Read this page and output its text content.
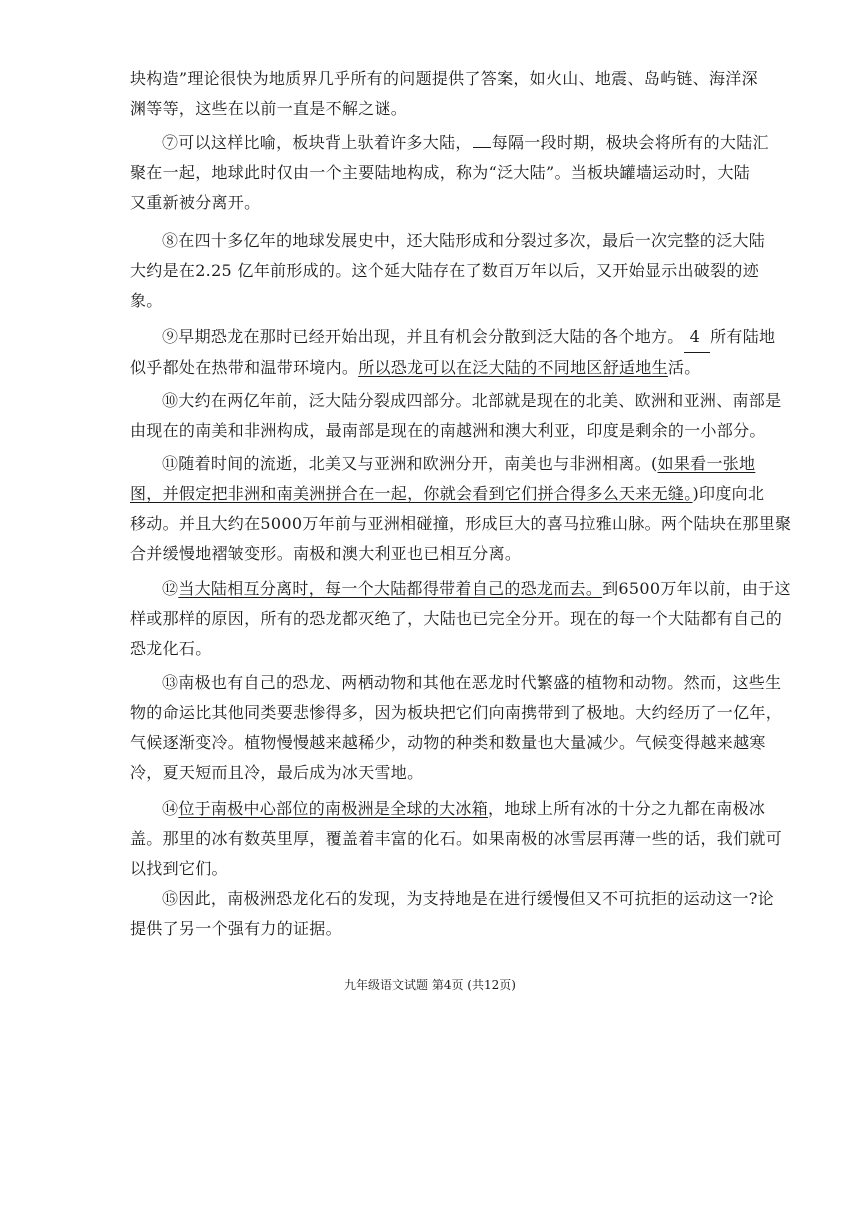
块构造”理论很快为地质界几乎所有的问题提供了答案，如火山、地震、岛屿链、海洋深
渊等等，这些在以前一直是不解之谜。
⑦可以这样比喻，板块背上驮着许多大陆， 每隔一段时期，极块会将所有的大陆汇
聚在一起，地球此时仅由一个主要陆地构成，称为“泛大陆”。当板块罐墙运动时，大陆
又重新被分离开。
⑧在四十多亿年的地球发展史中，还大陆形成和分裂过多次，最后一次完整的泛大陆
大约是在2.25 亿年前形成的。这个延大陆存在了数百万年以后，又开始显示出破裂的迹
象。
⑨早期恐龙在那时已经开始出现，并且有机会分散到泛大陆的各个地方。 4 所有陆地
似乎都处在热带和温带环境内。所以恐龙可以在泛大陆的不同地区舒适地生活。
⑩大约在两亿年前，泛大陆分裂成四部分。北部就是现在的北美、欧洲和亚洲、南部是
由现在的南美和非洲构成，最南部是现在的南越洲和澳大利亚，印度是剩余的一小部分。
⑪随着时间的流逝，北美又与亚洲和欧洲分开，南美也与非洲相离。(如果看一张地
图，并假定把非洲和南美洲拼合在一起，你就会看到它们拼合得多么天来无缝。)印度向北
移动。并且大约在5000万年前与亚洲相碰撞，形成巨大的喜马拉雅山脉。两个陆块在那里聚
合并缓慢地褶皱变形。南极和澳大利亚也已相互分离。
⑫当大陆相互分离时，每一个大陆都得带着自己的恐龙而去。到6500万年以前，由于这
样或那样的原因，所有的恐龙都灭绝了，大陆也已完全分开。现在的每一个大陆都有自己的
恐龙化石。
⑬南极也有自己的恐龙、两栖动物和其他在恶龙时代繁盛的植物和动物。然而，这些生
物的命运比其他同类要悲惨得多，因为板块把它们向南携带到了极地。大约经历了一亿年，
气候逐渐变冷。植物慢慢越来越稀少，动物的种类和数量也大量减少。气候变得越来越寒
冷，夏天短而且冷，最后成为冰天雪地。
⑭位于南极中心部位的南极洲是全球的大冰箱，地球上所有冰的十分之九都在南极冰
盖。那里的冰有数英里厚，覆盖着丰富的化石。如果南极的冰雪层再薄一些的话，我们就可
以找到它们。
⑮因此，南极洲恐龙化石的发现，为支持地是在进行缓慢但又不可抗拒的运动这一?论
提供了另一个强有力的证据。
九年级语文试题 第4页 (共12页)
